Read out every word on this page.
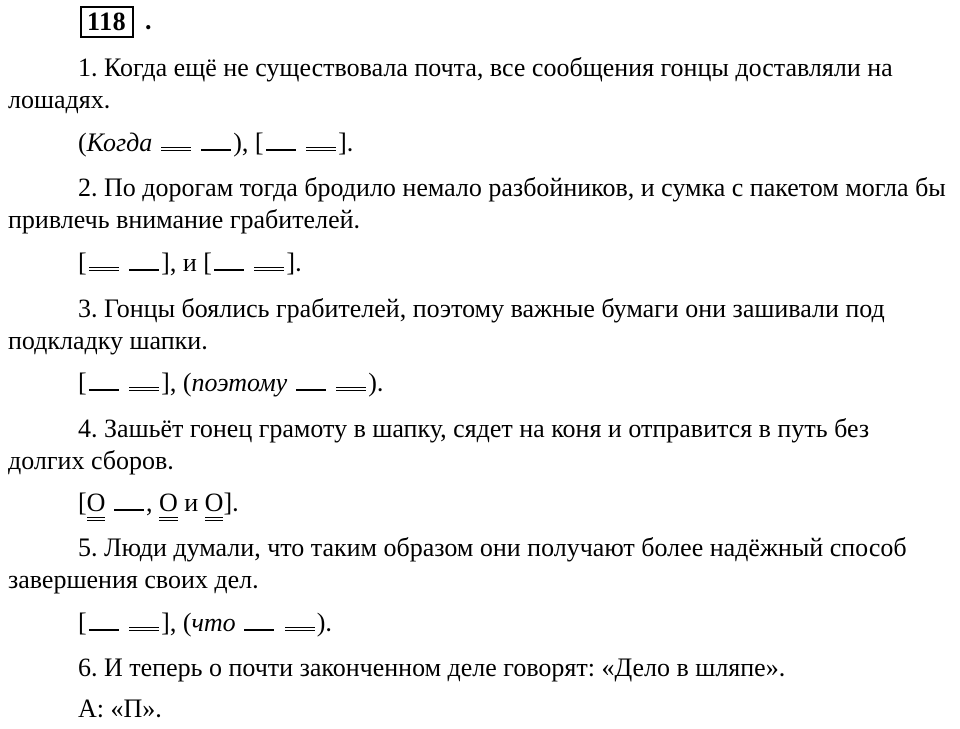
118 .

1. Когда ещё не существовала почта, все сообщения гонцы доставляли на лошадях.

(Когда	), [	].

2. По дорогам тогда бродило немало разбойников, и сумка с пакетом могла бы привлечь внимание грабителей.

[	], и [	].

3. Гонцы боялись грабителей, поэтому важные бумаги они зашивали под подкладку шапки.

[	], (поэтому	).

4. Зашьёт гонец грамоту в шапку, сядет на коня и отправится в путь без долгих сборов.

[О , О и О].

5. Люди думали, что таким образом они получают более надёжный способ завершения своих дел.

[	], (что	).

6. И теперь о почти законченном деле говорят: «Дело в шляпе».

А: «П».
